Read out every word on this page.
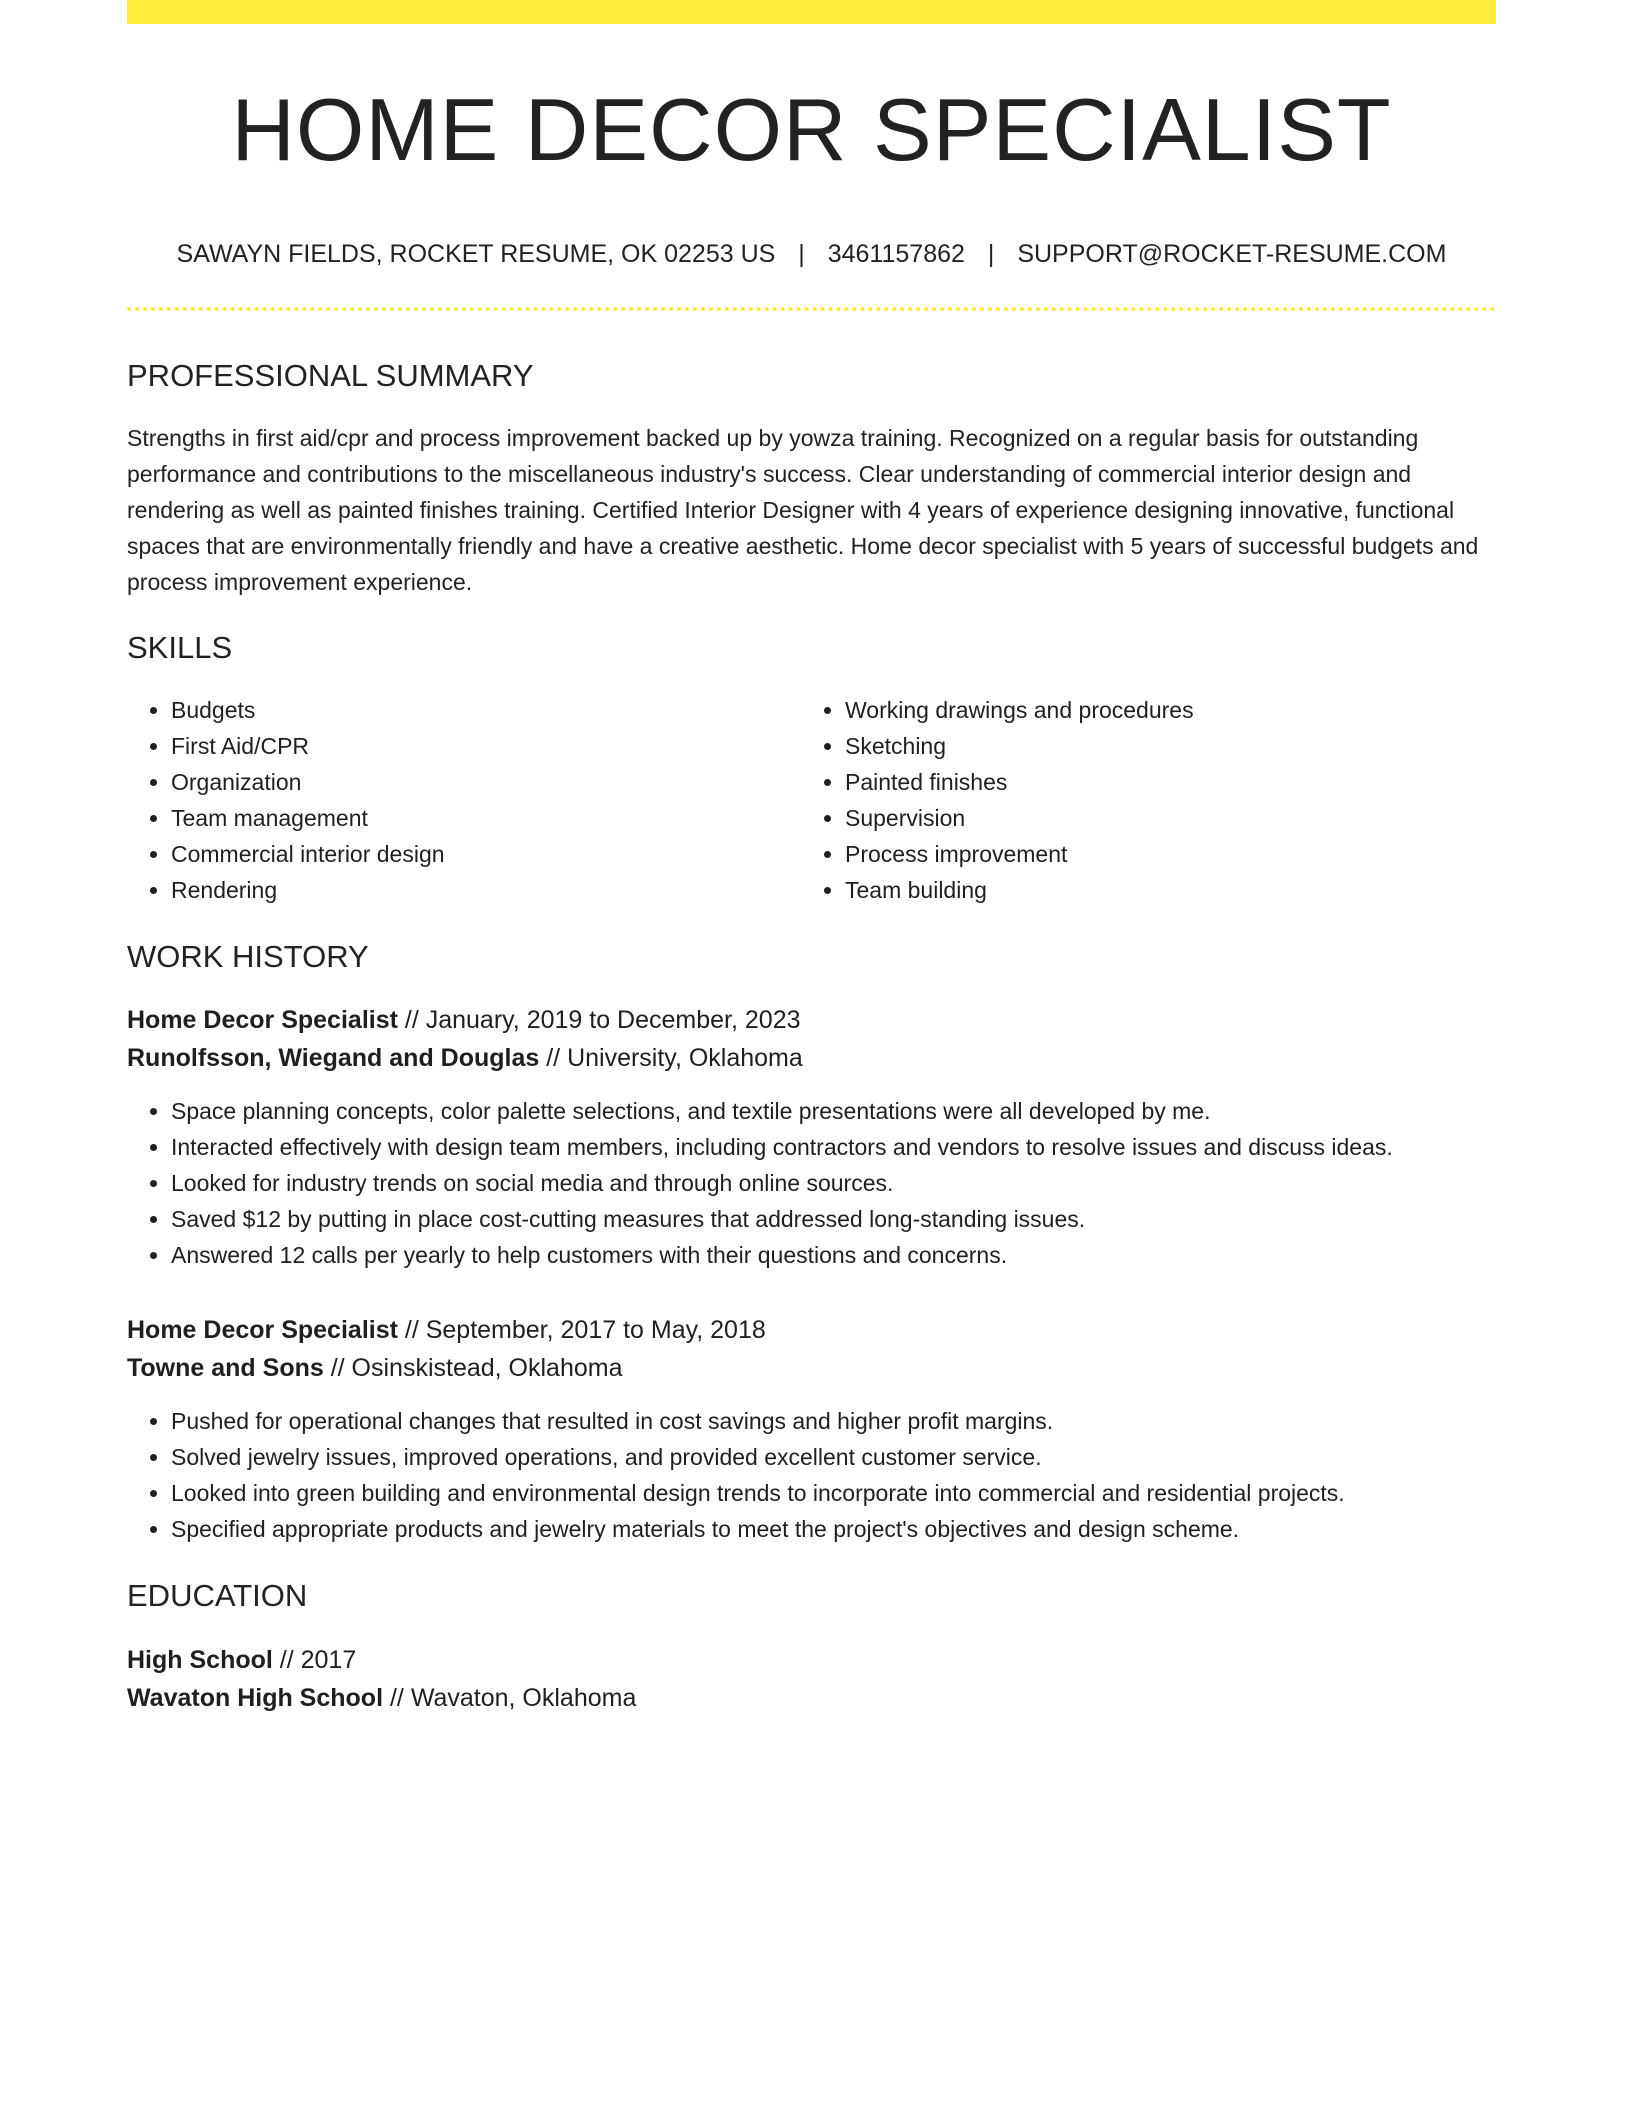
HOME DECOR SPECIALIST
SAWAYN FIELDS, ROCKET RESUME, OK 02253 US | 3461157862 | SUPPORT@ROCKET-RESUME.COM
PROFESSIONAL SUMMARY
Strengths in first aid/cpr and process improvement backed up by yowza training. Recognized on a regular basis for outstanding performance and contributions to the miscellaneous industry's success. Clear understanding of commercial interior design and rendering as well as painted finishes training. Certified Interior Designer with 4 years of experience designing innovative, functional spaces that are environmentally friendly and have a creative aesthetic. Home decor specialist with 5 years of successful budgets and process improvement experience.
SKILLS
• Budgets
• First Aid/CPR
• Organization
• Team management
• Commercial interior design
• Rendering
• Working drawings and procedures
• Sketching
• Painted finishes
• Supervision
• Process improvement
• Team building
WORK HISTORY
Home Decor Specialist // January, 2019 to December, 2023
Runolfsson, Wiegand and Douglas // University, Oklahoma
• Space planning concepts, color palette selections, and textile presentations were all developed by me.
• Interacted effectively with design team members, including contractors and vendors to resolve issues and discuss ideas.
• Looked for industry trends on social media and through online sources.
• Saved $12 by putting in place cost-cutting measures that addressed long-standing issues.
• Answered 12 calls per yearly to help customers with their questions and concerns.
Home Decor Specialist // September, 2017 to May, 2018
Towne and Sons // Osinskistead, Oklahoma
• Pushed for operational changes that resulted in cost savings and higher profit margins.
• Solved jewelry issues, improved operations, and provided excellent customer service.
• Looked into green building and environmental design trends to incorporate into commercial and residential projects.
• Specified appropriate products and jewelry materials to meet the project's objectives and design scheme.
EDUCATION
High School // 2017
Wavaton High School // Wavaton, Oklahoma
